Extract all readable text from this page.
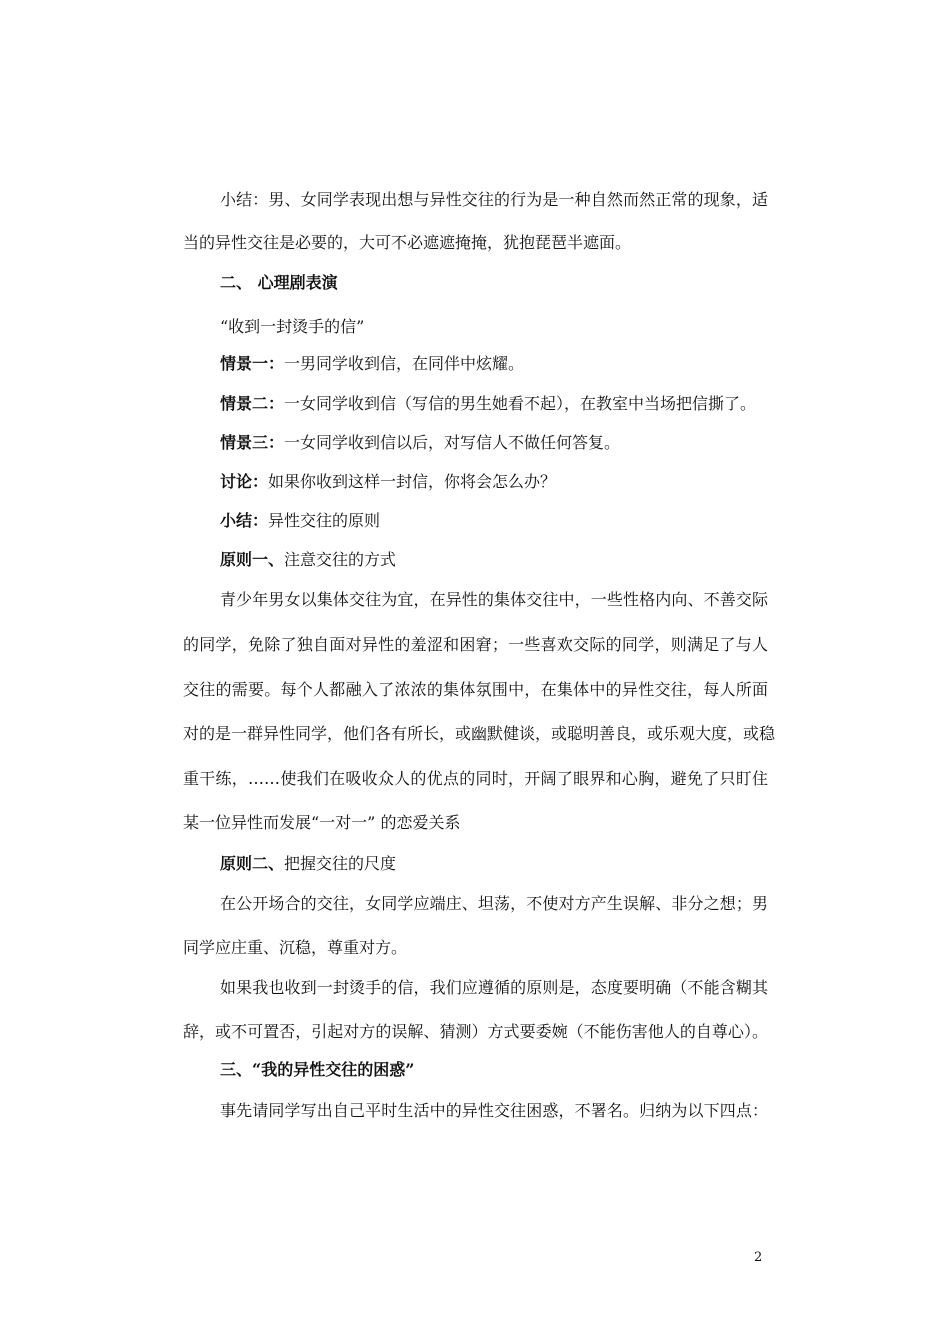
小结：男、女同学表现出想与异性交往的行为是一种自然而然正常的现象，适
当的异性交往是必要的，大可不必遮遮掩掩，犹抱琵琶半遮面。
二、 心理剧表演
“收到一封烫手的信”
情景一：一男同学收到信，在同伴中炫耀。
情景二：一女同学收到信（写信的男生她看不起），在教室中当场把信撕了。
情景三：一女同学收到信以后，对写信人不做任何答复。
讨论：如果你收到这样一封信，你将会怎么办？
小结：异性交往的原则
原则一、注意交往的方式
青少年男女以集体交往为宜，在异性的集体交往中，一些性格内向、不善交际
的同学，免除了独自面对异性的羞涩和困窘；一些喜欢交际的同学，则满足了与人
交往的需要。每个人都融入了浓浓的集体氛围中，在集体中的异性交往，每人所面
对的是一群异性同学，他们各有所长，或幽默健谈，或聪明善良，或乐观大度，或稳
重干练，……使我们在吸收众人的优点的同时，开阔了眼界和心胸，避免了只盯住
某一位异性而发展“一对一” 的恋爱关系
原则二、把握交往的尺度
在公开场合的交往，女同学应端庄、坦荡，不使对方产生误解、非分之想；男
同学应庄重、沉稳，尊重对方。
如果我也收到一封烫手的信，我们应遵循的原则是，态度要明确（不能含糊其
辞，或不可置否，引起对方的误解、猜测）方式要委婉（不能伤害他人的自尊心）。
三、“我的异性交往的困惑”
事先请同学写出自己平时生活中的异性交往困惑，不署名。归纳为以下四点：
2
